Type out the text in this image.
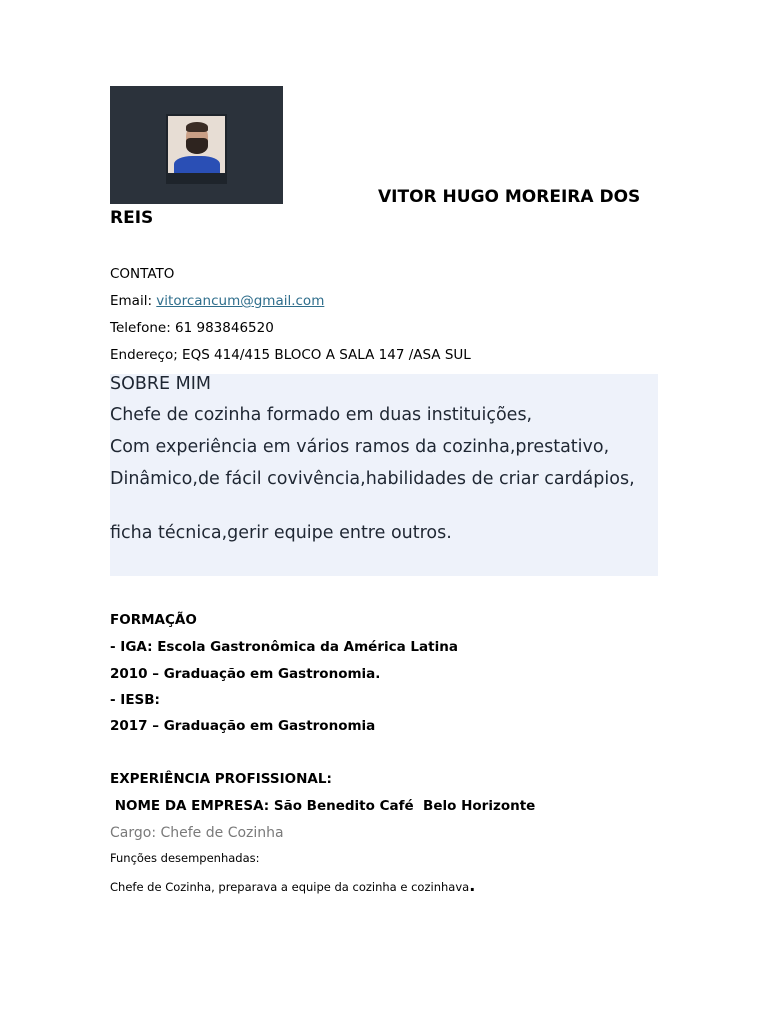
VITOR HUGO MOREIRA DOS REIS
CONTATO
Email: vitorcancum@gmail.com
Telefone: 61 983846520
Endereço; EQS 414/415 BLOCO A SALA 147 /ASA SUL
SOBRE MIM
Chefe de cozinha formado em duas instituições,
Com experiência em vários ramos da cozinha,prestativo,
Dinâmico,de fácil covivência,habilidades de criar cardápios,
ficha técnica,gerir equipe entre outros.
FORMAÇÃO
- IGA: Escola Gastronômica da América Latina
2010 – Graduação em Gastronomia.
- IESB:
2017 – Graduação em Gastronomia
EXPERIÊNCIA PROFISSIONAL:
NOME DA EMPRESA: São Benedito Café  Belo Horizonte
Cargo: Chefe de Cozinha
Funções desempenhadas:
Chefe de Cozinha, preparava a equipe da cozinha e cozinhava.
